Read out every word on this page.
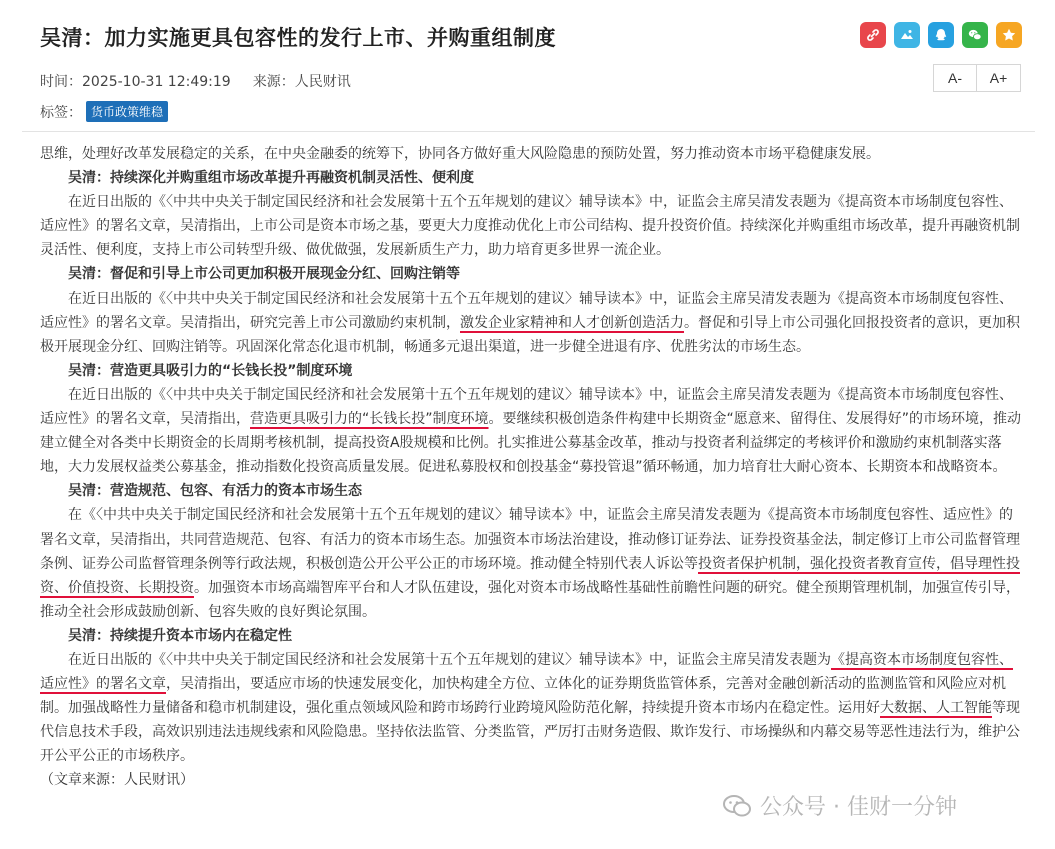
吴清：加力实施更具包容性的发行上市、并购重组制度
时间：2025-10-31 12:49:19 来源：人民财讯	A-	A+
标签： 货币政策维稳

思维，处理好改革发展稳定的关系，在中央金融委的统筹下，协同各方做好重大风险隐患的预防处置，努力推动资本市场平稳健康发展。

吴清：持续深化并购重组市场改革提升再融资机制灵活性、便利度

在近日出版的《〈中共中央关于制定国民经济和社会发展第十五个五年规划的建议〉辅导读本》中，证监会主席吴清发表题为《提高资本市场制度包容性、适应性》的署名文章，吴清指出，上市公司是资本市场之基，要更大力度推动优化上市公司结构、提升投资价值。持续深化并购重组市场改革，提升再融资机制灵活性、便利度，支持上市公司转型升级、做优做强，发展新质生产力，助力培育更多世界一流企业。

吴清：督促和引导上市公司更加积极开展现金分红、回购注销等

在近日出版的《〈中共中央关于制定国民经济和社会发展第十五个五年规划的建议〉辅导读本》中，证监会主席吴清发表题为《提高资本市场制度包容性、适应性》的署名文章。吴清指出，研究完善上市公司激励约束机制，激发企业家精神和人才创新创造活力。督促和引导上市公司强化回报投资者的意识，更加积极开展现金分红、回购注销等。巩固深化常态化退市机制，畅通多元退出渠道，进一步健全进退有序、优胜劣汰的市场生态。

吴清：营造更具吸引力的“长钱长投”制度环境

在近日出版的《〈中共中央关于制定国民经济和社会发展第十五个五年规划的建议〉辅导读本》中，证监会主席吴清发表题为《提高资本市场制度包容性、适应性》的署名文章，吴清指出，营造更具吸引力的“长钱长投”制度环境。要继续积极创造条件构建中长期资金“愿意来、留得住、发展得好”的市场环境，推动建立健全对各类中长期资金的长周期考核机制，提高投资A股规模和比例。扎实推进公募基金改革，推动与投资者利益绑定的考核评价和激励约束机制落实落地，大力发展权益类公募基金，推动指数化投资高质量发展。促进私募股权和创投基金“募投管退”循环畅通，加力培育壮大耐心资本、长期资本和战略资本。

吴清：营造规范、包容、有活力的资本市场生态

在《〈中共中央关于制定国民经济和社会发展第十五个五年规划的建议〉辅导读本》中，证监会主席吴清发表题为《提高资本市场制度包容性、适应性》的署名文章，吴清指出，共同营造规范、包容、有活力的资本市场生态。加强资本市场法治建设，推动修订证券法、证券投资基金法，制定修订上市公司监督管理条例、证券公司监督管理条例等行政法规，积极创造公开公平公正的市场环境。推动健全特别代表人诉讼等投资者保护机制，强化投资者教育宣传，倡导理性投资、价值投资、长期投资。加强资本市场高端智库平台和人才队伍建设，强化对资本市场战略性基础性前瞻性问题的研究。健全预期管理机制，加强宣传引导，推动全社会形成鼓励创新、包容失败的良好舆论氛围。

吴清：持续提升资本市场内在稳定性

在近日出版的《〈中共中央关于制定国民经济和社会发展第十五个五年规划的建议〉辅导读本》中，证监会主席吴清发表题为《提高资本市场制度包容性、适应性》的署名文章，吴清指出，要适应市场的快速发展变化，加快构建全方位、立体化的证券期货监管体系，完善对金融创新活动的监测监管和风险应对机制。加强战略性力量储备和稳市机制建设，强化重点领域风险和跨市场跨行业跨境风险防范化解，持续提升资本市场内在稳定性。运用好大数据、人工智能等现代信息技术手段，高效识别违法违规线索和风险隐患。坚持依法监管、分类监管，严厉打击财务造假、欺诈发行、市场操纵和内幕交易等恶性违法行为，维护公开公平公正的市场秩序。

（文章来源：人民财讯）

公众号 · 佳财一分钟
